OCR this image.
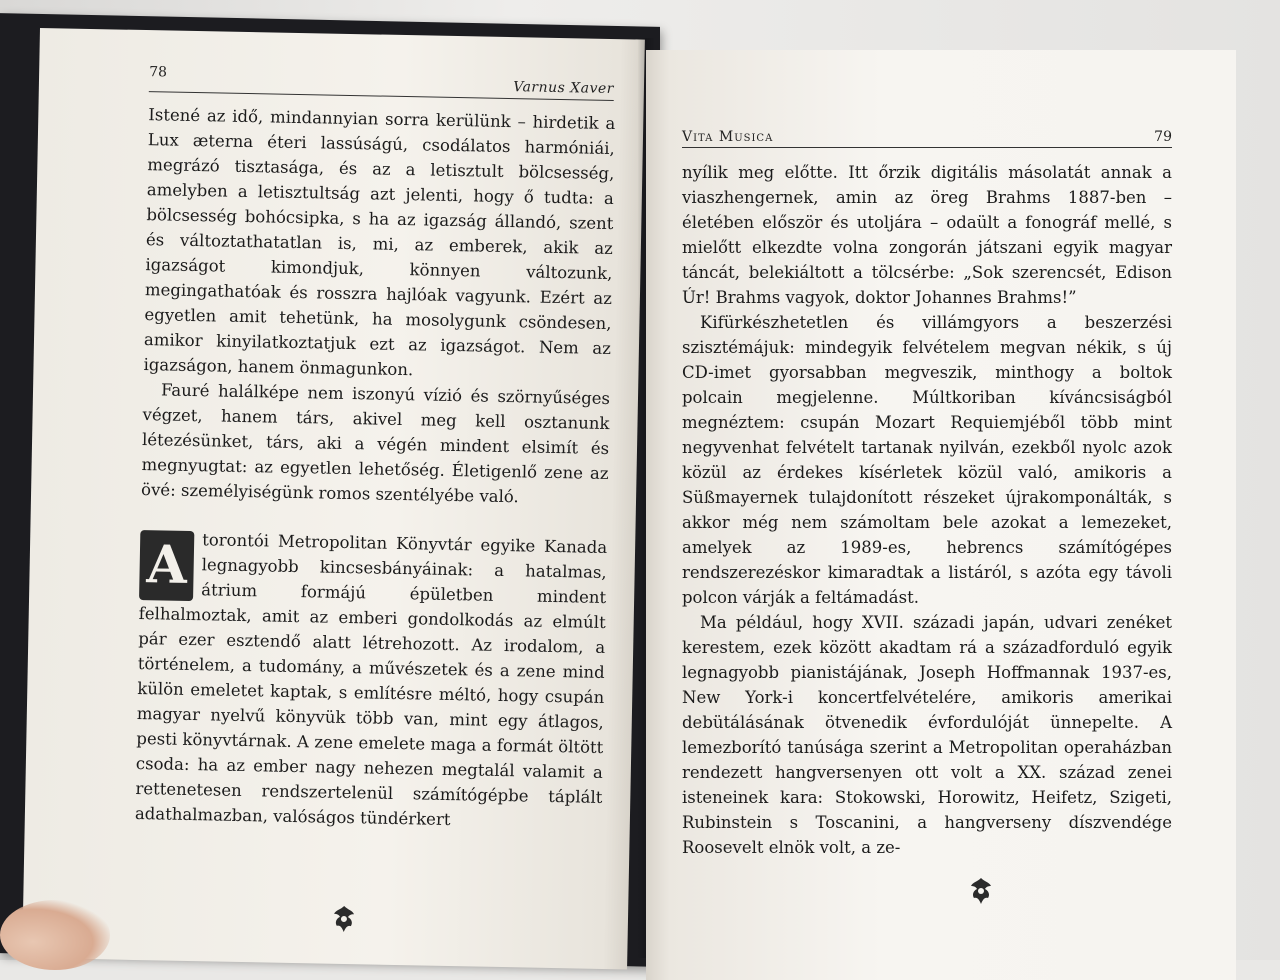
78
Varnus Xaver

Istené az idő, mindannyian sorra kerülünk – hirdetik a Lux æterna éteri lassúságú, csodálatos harmóniái, megrázó tisztasága, és az a letisztult bölcsesség, amelyben a letisztultság azt jelenti, hogy ő tudta: a bölcsesség bohócsipka, s ha az igazság állandó, szent és változtathatatlan is, mi, az emberek, akik az igazságot kimondjuk, könnyen változunk, megingathatóak és rosszra hajlóak vagyunk. Ezért az egyetlen amit tehetünk, ha mosolygunk csöndesen, amikor kinyilatkoztatjuk ezt az igazságot. Nem az igazságon, hanem önmagunkon.

Fauré halálképe nem iszonyú vízió és szörnyűséges végzet, hanem társ, akivel meg kell osztanunk létezésünket, társ, aki a végén mindent elsimít és megnyugtat: az egyetlen lehetőség. Életigenlő zene az övé: személyiségünk romos szentélyébe való.

A torontói Metropolitan Könyvtár egyike Kanada legnagyobb kincsesbányáinak: a hatalmas, átrium formájú épületben mindent felhalmoztak, amit az emberi gondolkodás az elmúlt pár ezer esztendő alatt létrehozott. Az irodalom, a történelem, a tudomány, a művészetek és a zene mind külön emeletet kaptak, s említésre méltó, hogy csupán magyar nyelvű könyvük több van, mint egy átlagos, pesti könyvtárnak. A zene emelete maga a formát öltött csoda: ha az ember nagy nehezen megtalál valamit a rettenetesen rendszertelenül számítógépbe táplált adathalmazban, valóságos tündérkert

Vita Musica	79

nyílik meg előtte. Itt őrzik digitális másolatát annak a viaszhengernek, amin az öreg Brahms 1887-ben – életében először és utoljára – odaült a fonográf mellé, s mielőtt elkezdte volna zongorán játszani egyik magyar táncát, belekiáltott a tölcsérbe: „Sok szerencsét, Edison Úr! Brahms vagyok, doktor Johannes Brahms!”

Kifürkészhetetlen és villámgyors a beszerzési szisztémájuk: mindegyik felvételem megvan nékik, s új CD-imet gyorsabban megveszik, minthogy a boltok polcain megjelenne. Múltkoriban kíváncsiságból megnéztem: csupán Mozart Requiemjéből több mint negyvenhat felvételt tartanak nyilván, ezekből nyolc azok közül az érdekes kísérletek közül való, amikoris a Süßmayernek tulajdonított részeket újrakomponálták, s akkor még nem számoltam bele azokat a lemezeket, amelyek az 1989-es, hebrencs számítógépes rendszerezéskor kimaradtak a listáról, s azóta egy távoli polcon várják a feltámadást.

Ma például, hogy XVII. századi japán, udvari zenéket kerestem, ezek között akadtam rá a századforduló egyik legnagyobb pianistájának, Joseph Hoffmannak 1937-es, New York-i koncertfelvételére, amikoris amerikai debütálásának ötvenedik évfordulóját ünnepelte. A lemezborító tanúsága szerint a Metropolitan operaházban rendezett hangversenyen ott volt a XX. század zenei isteneinek kara: Stokowski, Horowitz, Heifetz, Szigeti, Rubinstein s Toscanini, a hangverseny díszvendége Roosevelt elnök volt, a ze-
